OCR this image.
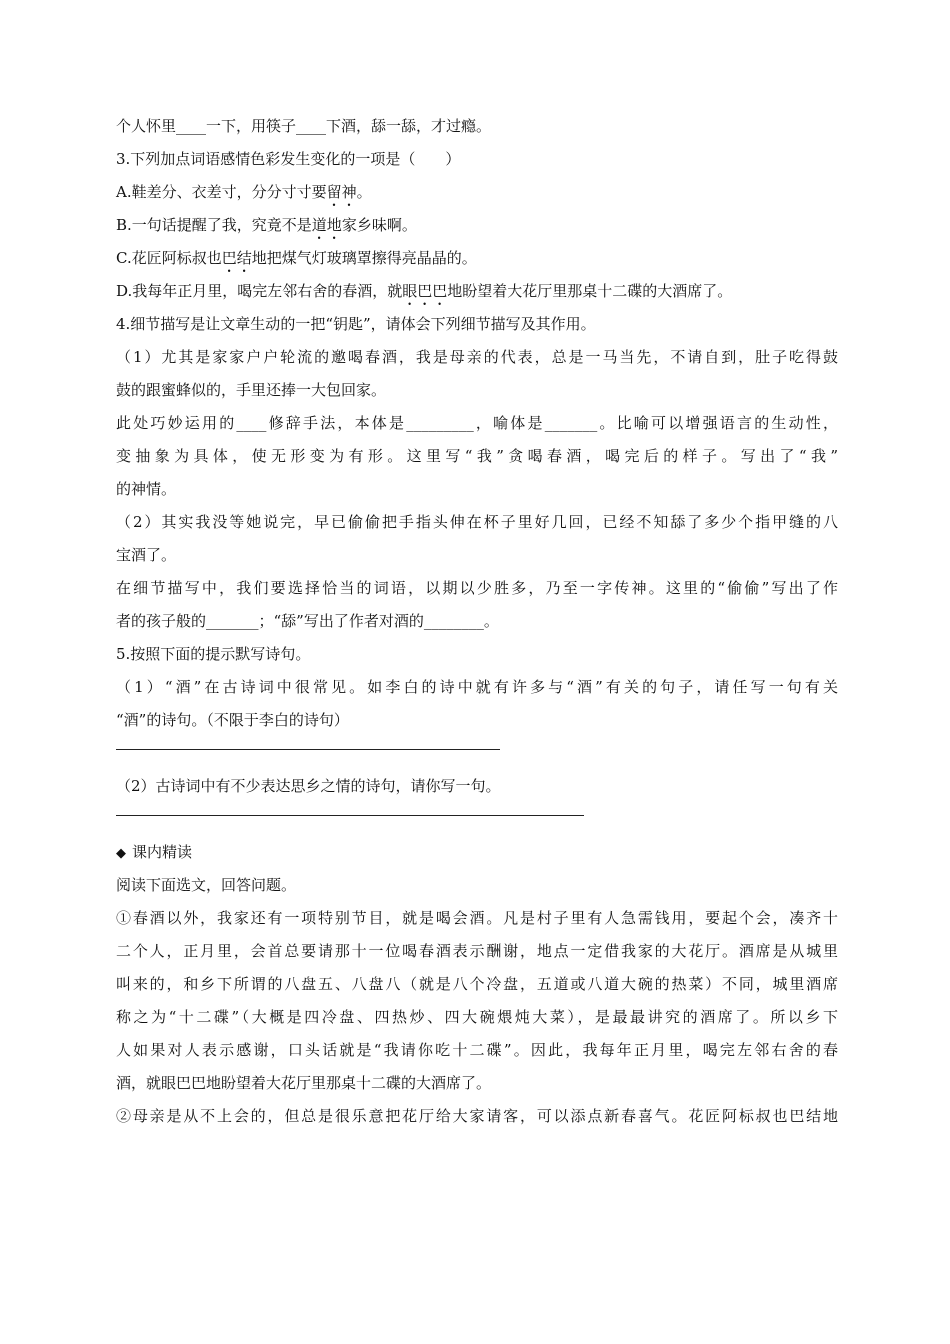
个人怀里____一下，用筷子____下酒，舔一舔，才过瘾。
3.下列加点词语感情色彩发生变化的一项是（　　）
A.鞋差分、衣差寸，分分寸寸要留神。
B.一句话提醒了我，究竟不是道地家乡味啊。
C.花匠阿标叔也巴结地把煤气灯玻璃罩擦得亮晶晶的。
D.我每年正月里，喝完左邻右舍的春酒，就眼巴巴地盼望着大花厅里那桌十二碟的大酒席了。
4.细节描写是让文章生动的一把“钥匙”，请体会下列细节描写及其作用。
（1）尤其是家家户户轮流的邀喝春酒，我是母亲的代表，总是一马当先，不请自到，肚子吃得鼓
鼓的跟蜜蜂似的，手里还捧一大包回家。
此处巧妙运用的____修辞手法，本体是_________，喻体是_______。比喻可以增强语言的生动性，
变抽象为具体，使无形变为有形。这里写“我”贪喝春酒，喝完后的样子。写出了“我”
的神情。
（2）其实我没等她说完，早已偷偷把手指头伸在杯子里好几回，已经不知舔了多少个指甲缝的八
宝酒了。
在细节描写中，我们要选择恰当的词语，以期以少胜多，乃至一字传神。这里的“偷偷”写出了作
者的孩子般的_______；“舔”写出了作者对酒的________。
5.按照下面的提示默写诗句。
（1）“酒”在古诗词中很常见。如李白的诗中就有许多与“酒”有关的句子，请任写一句有关
“酒”的诗句。（不限于李白的诗句）
（2）古诗词中有不少表达思乡之情的诗句，请你写一句。
◆ 课内精读
阅读下面选文，回答问题。
①春酒以外，我家还有一项特别节目，就是喝会酒。凡是村子里有人急需钱用，要起个会，凑齐十
二个人，正月里，会首总要请那十一位喝春酒表示酬谢，地点一定借我家的大花厅。酒席是从城里
叫来的，和乡下所谓的八盘五、八盘八（就是八个冷盘，五道或八道大碗的热菜）不同，城里酒席
称之为“十二碟”（大概是四冷盘、四热炒、四大碗煨炖大菜），是最最讲究的酒席了。所以乡下
人如果对人表示感谢，口头话就是“我请你吃十二碟”。因此，我每年正月里，喝完左邻右舍的春
酒，就眼巴巴地盼望着大花厅里那桌十二碟的大酒席了。
②母亲是从不上会的，但总是很乐意把花厅给大家请客，可以添点新春喜气。花匠阿标叔也巴结地
